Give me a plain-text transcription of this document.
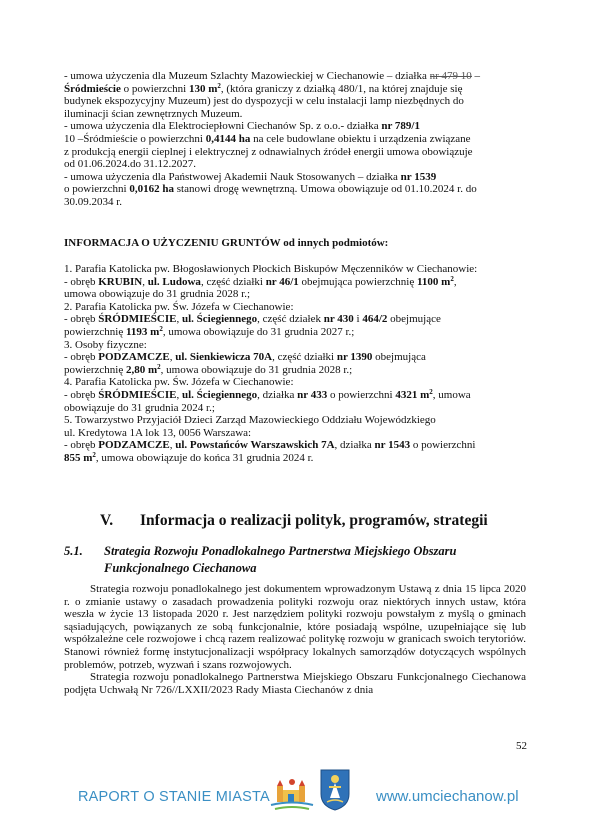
- umowa użyczenia dla Muzeum Szlachty Mazowieckiej w Ciechanowie – działka nr 479 10 –

Śródmieście o powierzchni 130 $m^2$, (która graniczy z działką 480/1, na której znajduje się

budynek ekspozycyjny Muzeum) jest do dyspozycji w celu instalacji lamp niezbędnych do

iluminacji ścian zewnętrznych Muzeum.

- umowa użyczenia dla Elektrociepłowni Ciechanów Sp. z o.o.- działka nr 789/1

10 –Śródmieście o powierzchni 0,4144 ha na cele budowlane obiektu i urządzenia związane

z produkcją energii cieplnej i elektrycznej z odnawialnych źródeł energii umowa obowiązuje

od 01.06.2024.do 31.12.2027.

- umowa użyczenia dla Państwowej Akademii Nauk Stosowanych – działka nr 1539

o powierzchni 0,0162 ha stanowi drogę wewnętrzną. Umowa obowiązuje od 01.10.2024 r. do

30.09.2034 r.

INFORMACJA O UŻYCZENIU GRUNTÓW od innych podmiotów:

1. Parafia Katolicka pw. Błogosławionych Płockich Biskupów Męczenników w Ciechanowie:

- obręb KRUBIN, ul. Ludowa, część działki nr 46/1 obejmująca powierzchnię 1100 $m^2$,

umowa obowiązuje do 31 grudnia 2028 r.;

2. Parafia Katolicka pw. Św. Józefa w Ciechanowie:

- obręb ŚRÓDMIEŚCIE, ul. Ściegiennego, część działek nr 430 i 464/2 obejmujące

powierzchnię 1193 $m^2$, umowa obowiązuje do 31 grudnia 2027 r.;

3. Osoby fizyczne:

- obręb PODZAMCZE, ul. Sienkiewicza 70A, część działki nr 1390 obejmująca

powierzchnię 2,80 $m^2$, umowa obowiązuje do 31 grudnia 2028 r.;

4. Parafia Katolicka pw. Św. Józefa w Ciechanowie:

- obręb ŚRÓDMIEŚCIE, ul. Ściegiennego, działka nr 433 o powierzchni 4321 $m^2$, umowa

obowiązuje do 31 grudnia 2024 r.;

5. Towarzystwo Przyjaciół Dzieci Zarząd Mazowieckiego Oddziału Wojewódzkiego

ul. Kredytowa 1A lok 13, 0056 Warszawa:

- obręb PODZAMCZE, ul. Powstańców Warszawskich 7A, działka nr 1543 o powierzchni

855 $m^2$, umowa obowiązuje do końca 31 grudnia 2024 r.

V. Informacja o realizacji polityk, programów, strategii
5.1. Strategia Rozwoju Ponadlokalnego Partnerstwa Miejskiego Obszaru
Funkcjonalnego Ciechanowa

Strategia rozwoju ponadlokalnego jest dokumentem wprowadzonym Ustawą z dnia 15 lipca 2020 r. o zmianie ustawy o zasadach prowadzenia polityki rozwoju oraz niektórych innych ustaw, która weszła w życie 13 listopada 2020 r. Jest narzędziem polityki rozwoju powstałym z myślą o gminach sąsiadujących, powiązanych ze sobą funkcjonalnie, które posiadają wspólne, uzupełniające się lub współzależne cele rozwojowe i chcą razem realizować politykę rozwoju w granicach swoich terytoriów. Stanowi również formę instytucjonalizacji współpracy lokalnych samorządów dotyczących wspólnych problemów, potrzeb, wyzwań i szans rozwojowych.

Strategia rozwoju ponadlokalnego Partnerstwa Miejskiego Obszaru Funkcjonalnego Ciechanowa podjęta Uchwałą Nr 726//LXXII/2023 Rady Miasta Ciechanów z dnia

52
RAPORT O STANIE MIASTA	www.umciechanow.pl
